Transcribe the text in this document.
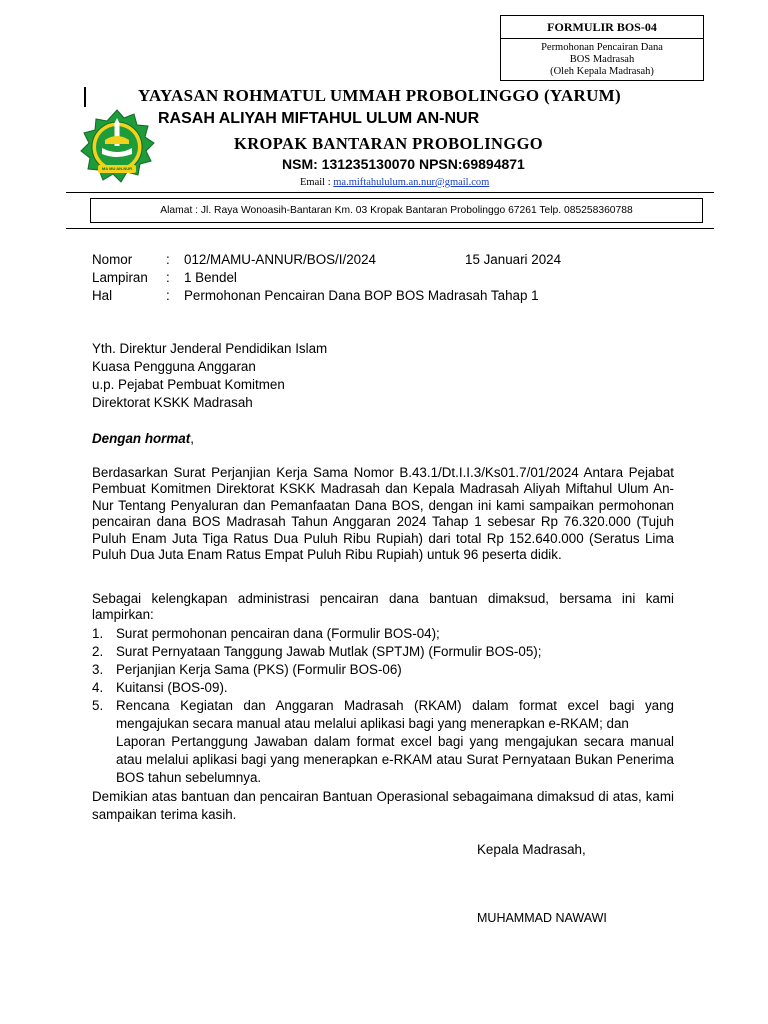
FORMULIR BOS-04
Permohonan Pencairan Dana
BOS Madrasah
(Oleh Kepala Madrasah)
MA MU AN-NUR
YAYASAN ROHMATUL UMMAH PROBOLINGGO (YARUM)
RASAH ALIYAH MIFTAHUL ULUM AN-NUR
KROPAK BANTARAN PROBOLINGGO
NSM: 131235130070 NPSN:69894871
Email : ma.miftahululum.an.nur@gmail.com
Alamat : Jl. Raya Wonoasih-Bantaran Km. 03 Kropak Bantaran Probolinggo 67261 Telp. 085258360788
Nomor	: 012/MAMU-ANNUR/BOS/I/2024	15 Januari 2024
Lampiran : 1 Bendel
Hal	: Permohonan Pencairan Dana BOP BOS Madrasah Tahap 1
Yth. Direktur Jenderal Pendidikan Islam
Kuasa Pengguna Anggaran
u.p. Pejabat Pembuat Komitmen
Direktorat KSKK Madrasah
Dengan hormat,
Berdasarkan Surat Perjanjian Kerja Sama Nomor B.43.1/Dt.I.I.3/Ks01.7/01/2024 Antara Pejabat Pembuat Komitmen Direktorat KSKK Madrasah dan Kepala Madrasah Aliyah Miftahul Ulum An-Nur Tentang Penyaluran dan Pemanfaatan Dana BOS, dengan ini kami sampaikan permohonan pencairan dana BOS Madrasah Tahun Anggaran 2024 Tahap 1 sebesar Rp 76.320.000 (Tujuh Puluh Enam Juta Tiga Ratus Dua Puluh Ribu Rupiah) dari total Rp 152.640.000 (Seratus Lima Puluh Dua Juta Enam Ratus Empat Puluh Ribu Rupiah) untuk 96 peserta didik.
Sebagai kelengkapan administrasi pencairan dana bantuan dimaksud, bersama ini kami lampirkan:
1. Surat permohonan pencairan dana (Formulir BOS-04);
2. Surat Pernyataan Tanggung Jawab Mutlak (SPTJM) (Formulir BOS-05);
3. Perjanjian Kerja Sama (PKS) (Formulir BOS-06)
4. Kuitansi (BOS-09).
5. Rencana Kegiatan dan Anggaran Madrasah (RKAM) dalam format excel bagi yang mengajukan secara manual atau melalui aplikasi bagi yang menerapkan e-RKAM; dan
Laporan Pertanggung Jawaban dalam format excel bagi yang mengajukan secara manual atau melalui aplikasi bagi yang menerapkan e-RKAM atau Surat Pernyataan Bukan Penerima BOS tahun sebelumnya.
Demikian atas bantuan dan pencairan Bantuan Operasional sebagaimana dimaksud di atas, kami sampaikan terima kasih.
Kepala Madrasah,
MUHAMMAD NAWAWI
